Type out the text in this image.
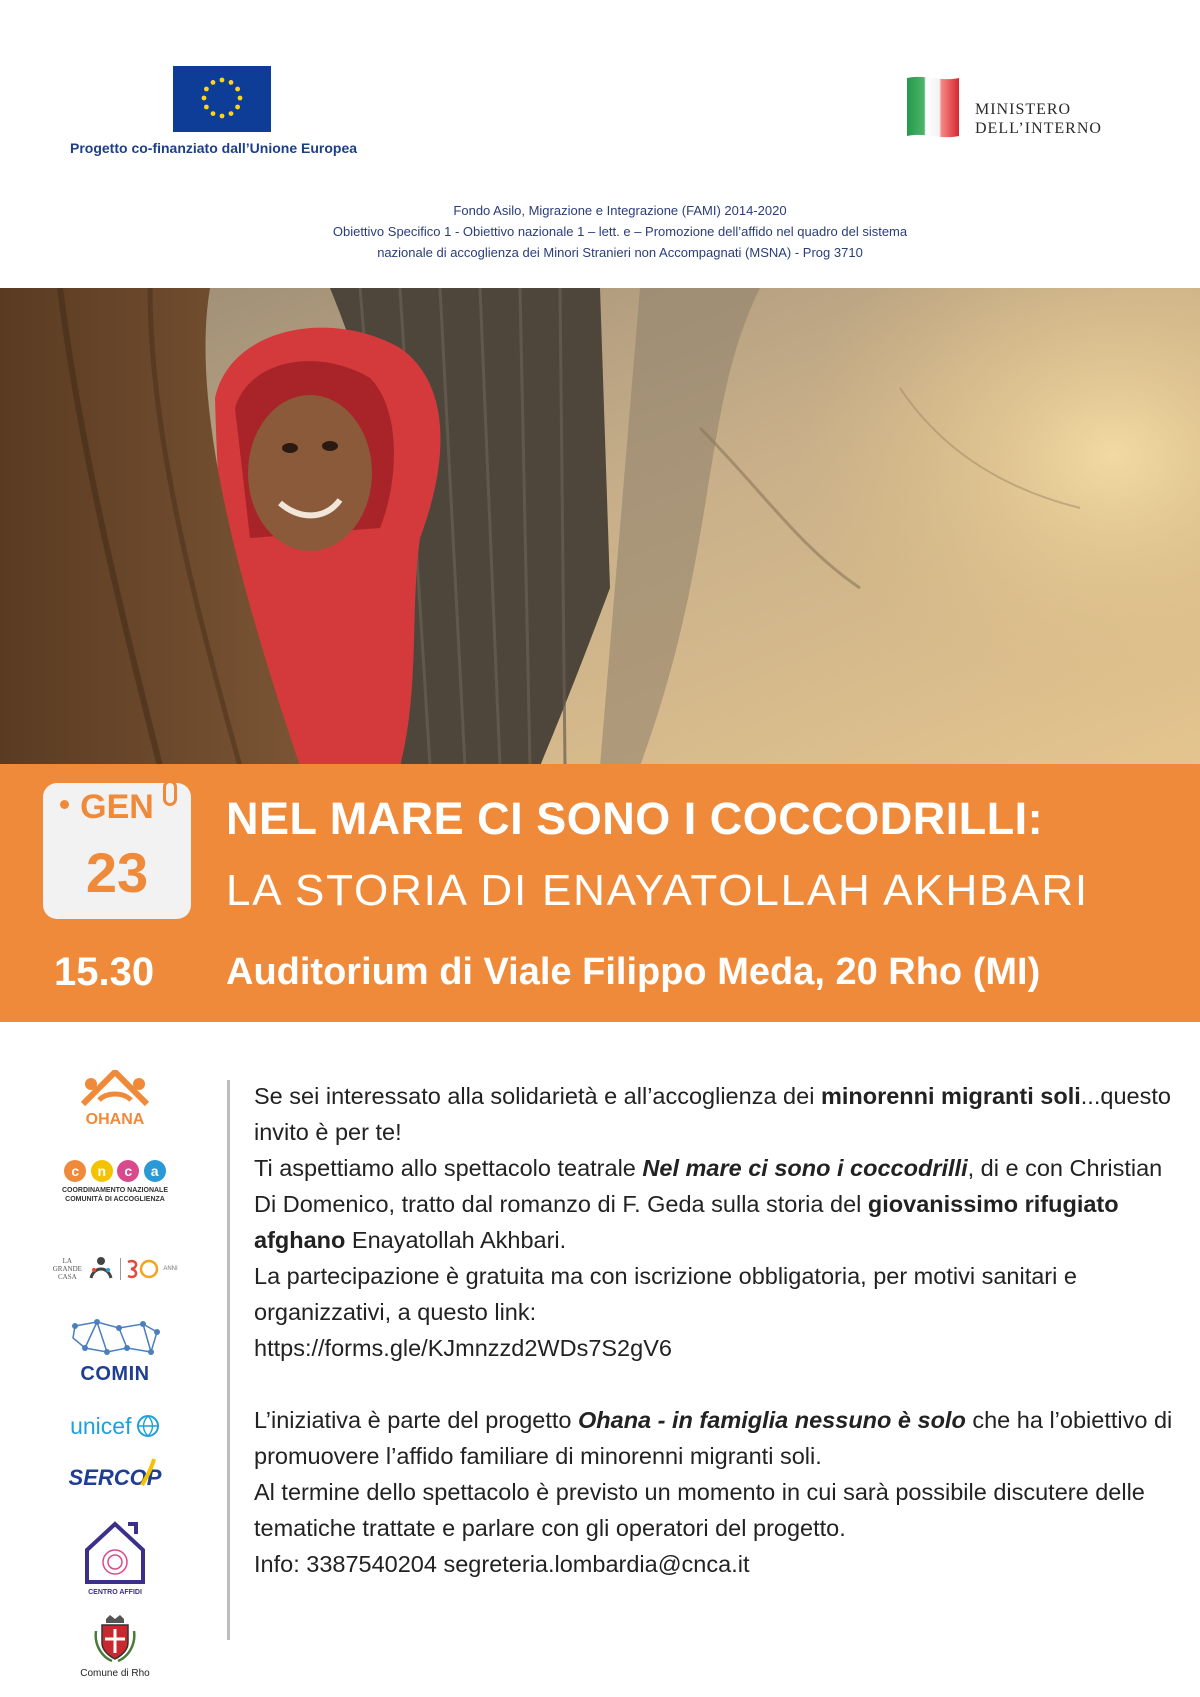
Progetto co-finanziato dall’Unione Europea
MINISTERO
DELL’INTERNO
Fondo Asilo, Migrazione e Integrazione (FAMI) 2014-2020
Obiettivo Specifico 1 - Obiettivo nazionale 1 – lett. e – Promozione dell’affido nel quadro del sistema
nazionale di accoglienza dei Minori Stranieri non Accompagnati (MSNA) - Prog 3710
GEN
23
NEL MARE CI SONO I COCCODRILLI:
LA STORIA DI ENAYATOLLAH AKHBARI
15.30 Auditorium di Viale Filippo Meda, 20 Rho (MI)
OHANA
c n c a
COORDINAMENTO NAZIONALE
COMUNITÀ DI ACCOGLIENZA
LA
GRANDE CASA
ANNI
COMIN
unicef
SERCOP
CENTRO AFFIDI
Comune di Rho

Se sei interessato alla solidarietà e all’accoglienza dei minorenni migranti soli...questo invito è per te!

Ti aspettiamo allo spettacolo teatrale Nel mare ci sono i coccodrilli, di e con Christian Di Domenico, tratto dal romanzo di F. Geda sulla storia del giovanissimo rifugiato afghano Enayatollah Akhbari.

La partecipazione è gratuita ma con iscrizione obbligatoria, per motivi sanitari e organizzativi, a questo link:

https://forms.gle/KJmnzzd2WDs7S2gV6

L’iniziativa è parte del progetto Ohana - in famiglia nessuno è solo che ha l’obiettivo di promuovere l’affido familiare di minorenni migranti soli.

Al termine dello spettacolo è previsto un momento in cui sarà possibile discutere delle tematiche trattate e parlare con gli operatori del progetto.

Info: 3387540204 segreteria.lombardia@cnca.it
